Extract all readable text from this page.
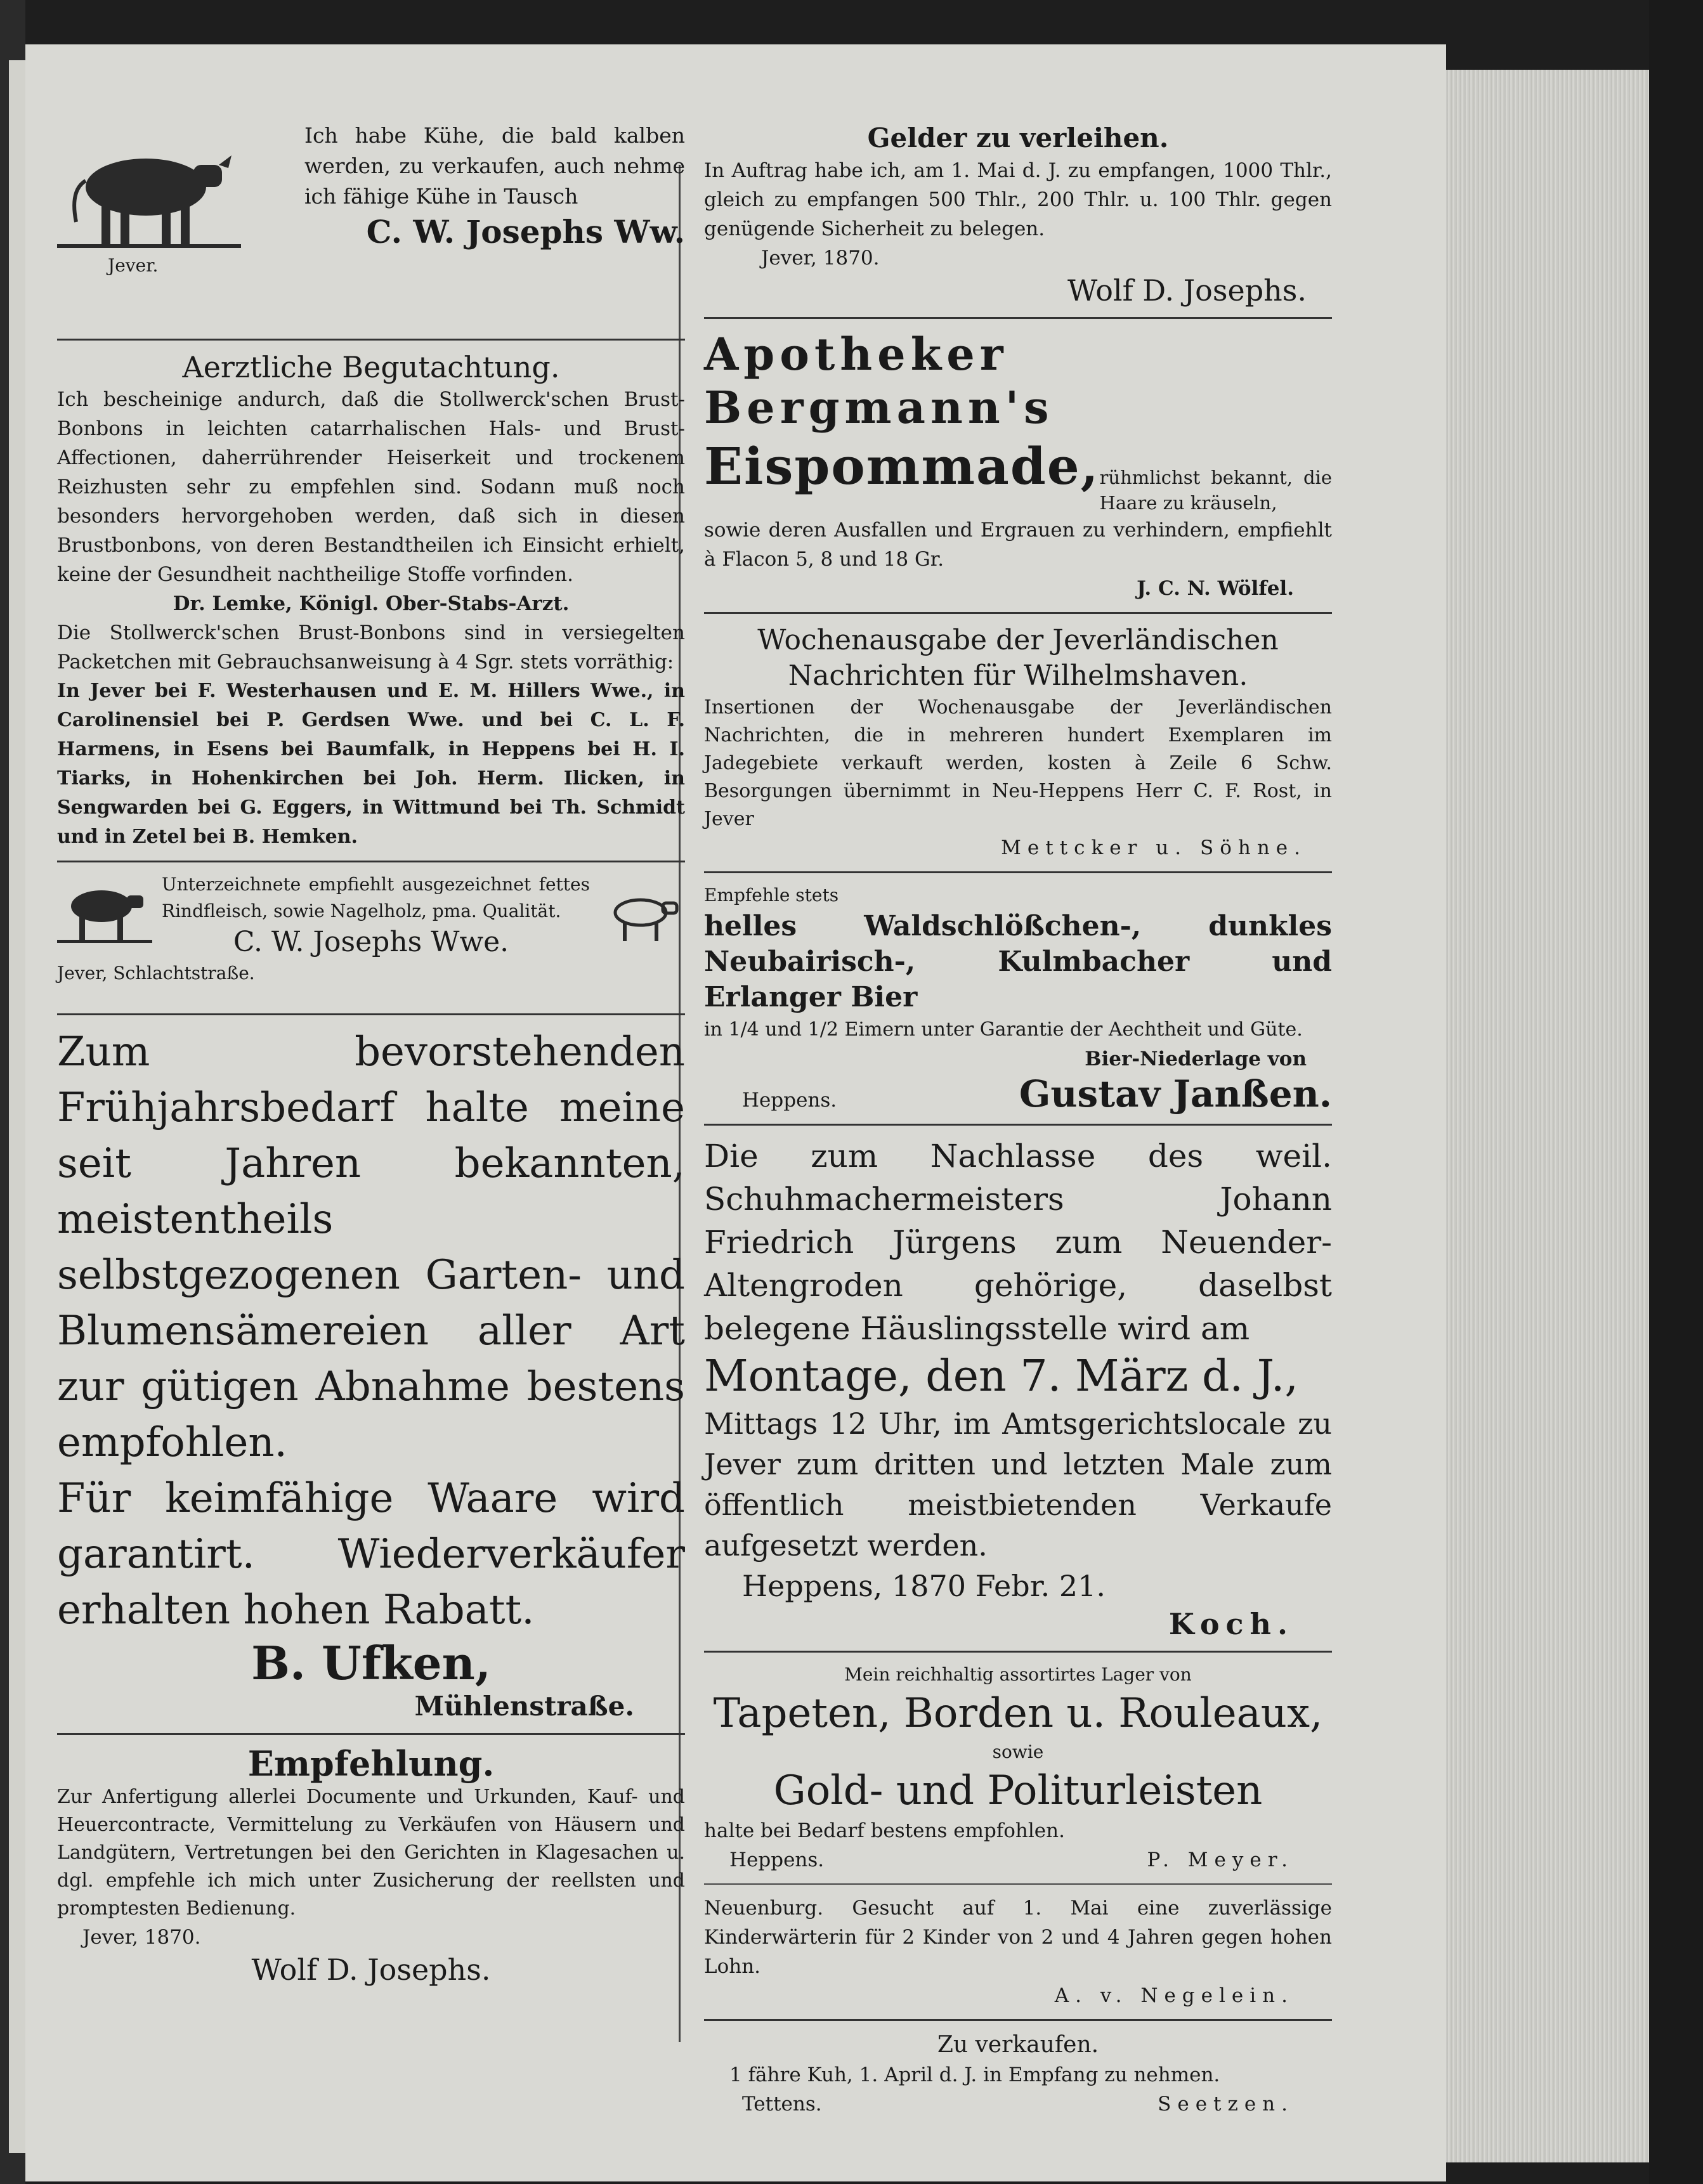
Ich habe Kühe, die bald kalben werden, zu verkaufen, auch nehme ich fähige Kühe in Tausch

C. W. Josephs Ww.
Jever.
Aerztliche Begutachtung.

Ich bescheinige andurch, daß die Stollwerck'schen Brust-Bonbons in leichten catarrhalischen Hals- und Brust-Affectionen, daherrührender Heiserkeit und trockenem Reizhusten sehr zu empfehlen sind. Sodann muß noch besonders hervorgehoben werden, daß sich in diesen Brustbonbons, von deren Bestandtheilen ich Einsicht erhielt, keine der Gesundheit nachtheilige Stoffe vorfinden.

Dr. Lemke, Königl. Ober-Stabs-Arzt.

Die Stollwerck'schen Brust-Bonbons sind in versiegelten Packetchen mit Gebrauchsanweisung à 4 Sgr. stets vorräthig:

In Jever bei F. Westerhausen und E. M. Hillers Wwe., in Carolinensiel bei P. Gerdsen Wwe. und bei C. L. F. Harmens, in Esens bei Baumfalk, in Heppens bei H. I. Tiarks, in Hohenkirchen bei Joh. Herm. Ilicken, in Sengwarden bei G. Eggers, in Wittmund bei Th. Schmidt und in Zetel bei B. Hemken.

Unterzeichnete empfiehlt ausgezeichnet fettes Rindfleisch, sowie Nagelholz, pma. Qualität.

C. W. Josephs Wwe.
Jever, Schlachtstraße.

Zum bevorstehenden Frühjahrsbedarf halte meine seit Jahren bekannten, meistentheils selbstgezogenen Garten- und Blumensämereien aller Art zur gütigen Abnahme bestens empfohlen.

Für keimfähige Waare wird garantirt. Wiederverkäufer erhalten hohen Rabatt.

B. Ufken,
Mühlenstraße.
Empfehlung.

Zur Anfertigung allerlei Documente und Urkunden, Kauf- und Heuercontracte, Vermittelung zu Verkäufen von Häusern und Landgütern, Vertretungen bei den Gerichten in Klagesachen u. dgl. empfehle ich mich unter Zusicherung der reellsten und promptesten Bedienung.

Jever, 1870.
Wolf D. Josephs.
Gelder zu verleihen.

In Auftrag habe ich, am 1. Mai d. J. zu empfangen, 1000 Thlr., gleich zu empfangen 500 Thlr., 200 Thlr. u. 100 Thlr. gegen genügende Sicherheit zu belegen.

Jever, 1870.
Wolf D. Josephs.
Apotheker Bergmann's
Eispommade, rühmlichst bekannt, die Haare zu kräuseln,

sowie deren Ausfallen und Ergrauen zu verhindern, empfiehlt à Flacon 5, 8 und 18 Gr.

J. C. N. Wölfel.
Wochenausgabe der Jeverländischen
Nachrichten für Wilhelmshaven.

Insertionen der Wochenausgabe der Jeverländischen Nachrichten, die in mehreren hundert Exemplaren im Jadegebiete verkauft werden, kosten à Zeile 6 Schw. Besorgungen übernimmt in Neu-Heppens Herr C. F. Rost, in Jever

Mettcker u. Söhne.
Empfehle stets

helles Waldschlößchen-, dunkles Neubairisch-, Kulmbacher und Erlanger Bier

in 1/4 und 1/2 Eimern unter Garantie der Aechtheit und Güte.

Bier-Niederlage von
Heppens.	Gustav Janßen.

Die zum Nachlasse des weil. Schuhmachermeisters Johann Friedrich Jürgens zum Neuender-Altengroden gehörige, daselbst belegene Häuslingsstelle wird am

Montage, den 7. März d. J.,

Mittags 12 Uhr, im Amtsgerichtslocale zu Jever zum dritten und letzten Male zum öffentlich meistbietenden Verkaufe aufgesetzt werden.

Heppens, 1870 Febr. 21.
Koch.
Mein reichhaltig assortirtes Lager von
Tapeten, Borden u. Rouleaux,
sowie
Gold- und Politurleisten
halte bei Bedarf bestens empfohlen.
Heppens.	P. Meyer.

Neuenburg. Gesucht auf 1. Mai eine zuverlässige Kinderwärterin für 2 Kinder von 2 und 4 Jahren gegen hohen Lohn.

A. v. Negelein.
Zu verkaufen.

1 fähre Kuh, 1. April d. J. in Empfang zu nehmen.

Tettens.	Seetzen.
